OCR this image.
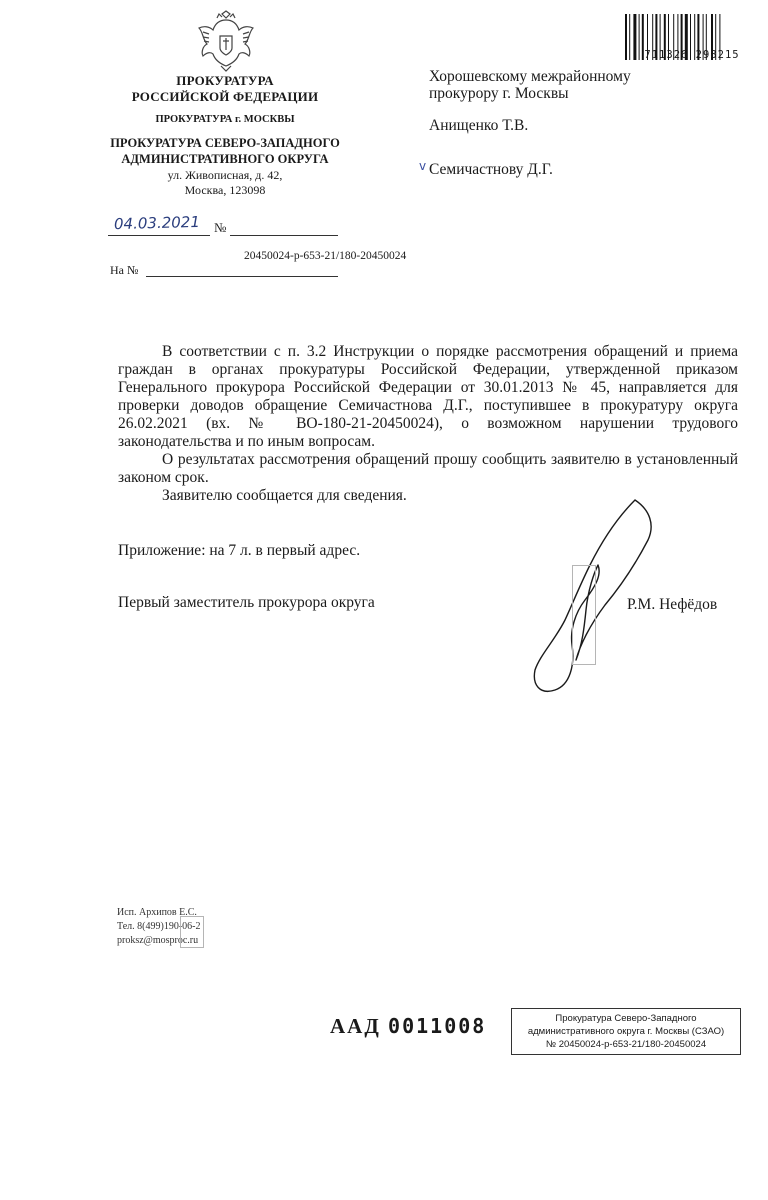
ПРОКУРАТУРА
РОССИЙСКОЙ ФЕДЕРАЦИИ
ПРОКУРАТУРА г. МОСКВЫ
ПРОКУРАТУРА СЕВЕРО-ЗАПАДНОГО
АДМИНИСТРАТИВНОГО ОКРУГА
ул. Живописная, д. 42,
Москва, 123098
04.03.2021 №
20450024-р-653-21/180-20450024
На №
Хорошевскому межрайонному
прокурору г. Москвы
Анищенко Т.В.
v Семичастнову Д.Г.
711326 298215

В соответствии с п. 3.2 Инструкции о порядке рассмотрения обращений и приема граждан в органах прокуратуры Российской Федерации, утвержденной приказом Генерального прокурора Российской Федерации от 30.01.2013 № 45, направляется для проверки доводов обращение Семичастнова Д.Г., поступившее в прокуратуру округа 26.02.2021 (вх. № ВО-180-21-20450024), о возможном нарушении трудового законодательства и по иным вопросам.

О результатах рассмотрения обращений прошу сообщить заявителю в установленный законом срок.

Заявителю сообщается для сведения.

Приложение: на 7 л. в первый адрес.
Первый заместитель прокурора округа	Р.М. Нефёдов
Исп. Архипов Е.С.
Тел. 8(499)190-06-2
proksz@mosproc.ru
ААД 0011008	Прокуратура Северо-Западного
административного округа г. Москвы (СЗАО)
№ 20450024-р-653-21/180-20450024
